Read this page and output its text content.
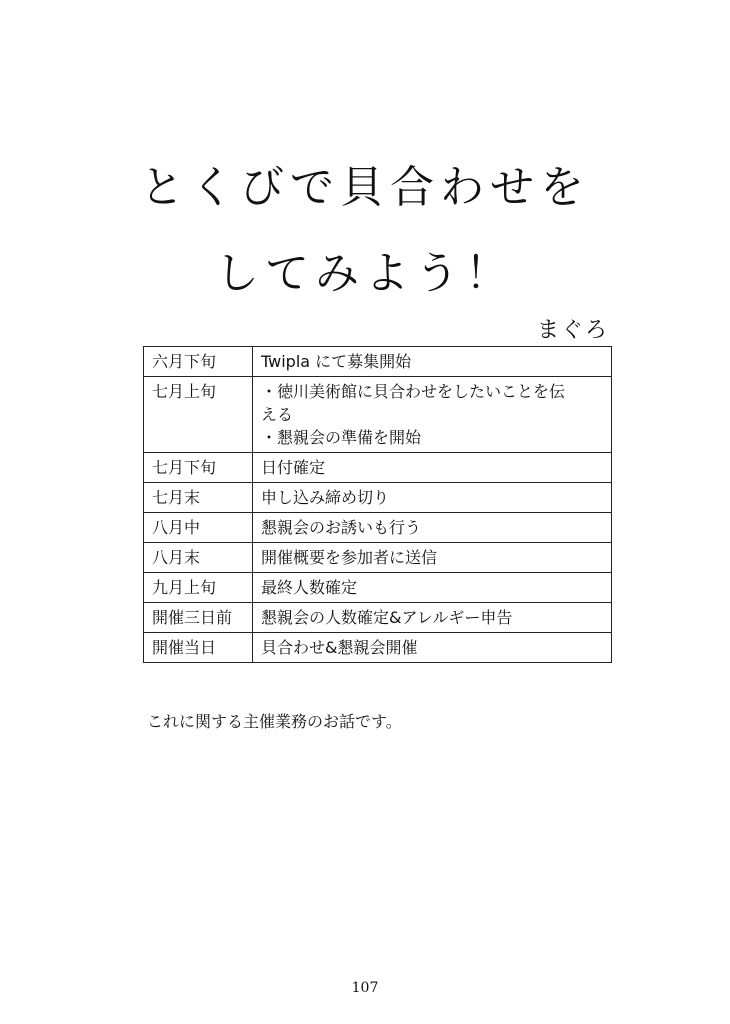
とくびで貝合わせを
してみよう！
まぐろ
六月下旬	Twipla にて募集開始

七月上旬	・徳川美術館に貝合わせをしたいことを伝
える
・懇親会の準備を開始

七月下旬	日付確定

七月末	申し込み締め切り

八月中	懇親会のお誘いも行う

八月末	開催概要を参加者に送信

九月上旬	最終人数確定

開催三日前	懇親会の人数確定&アレルギー申告

開催当日	貝合わせ&懇親会開催
これに関する主催業務のお話です。
107
